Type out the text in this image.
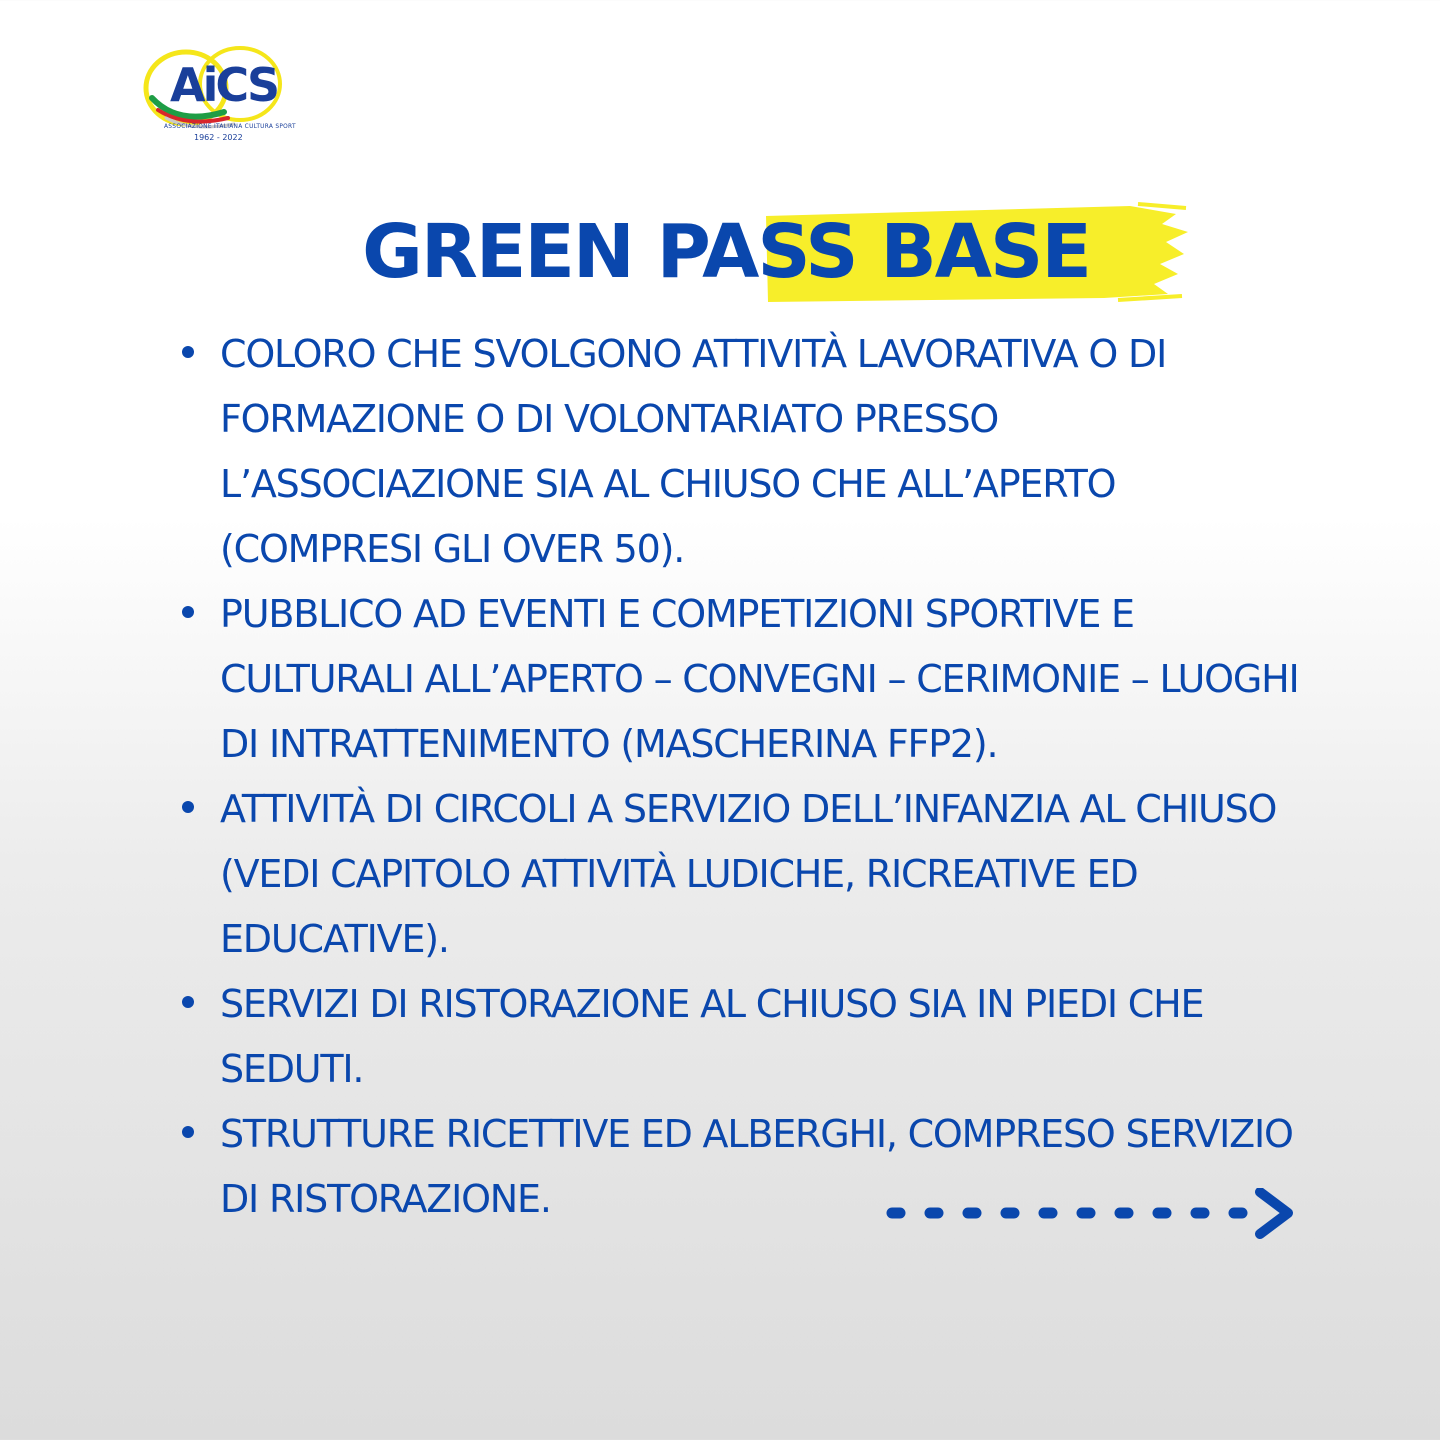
AiCS
ASSOCIAZIONE ITALIANA CULTURA SPORT
1962 - 2022
GREEN PASS BASE
COLORO CHE SVOLGONO ATTIVITÀ LAVORATIVA O DI FORMAZIONE O DI VOLONTARIATO PRESSO L’ASSOCIAZIONE SIA AL CHIUSO CHE ALL’APERTO (COMPRESI GLI OVER 50).
PUBBLICO AD EVENTI E COMPETIZIONI SPORTIVE E CULTURALI ALL’APERTO – CONVEGNI – CERIMONIE – LUOGHI DI INTRATTENIMENTO (MASCHERINA FFP2).
ATTIVITÀ DI CIRCOLI A SERVIZIO DELL’INFANZIA AL CHIUSO (VEDI CAPITOLO ATTIVITÀ LUDICHE, RICREATIVE ED EDUCATIVE).
SERVIZI DI RISTORAZIONE AL CHIUSO SIA IN PIEDI CHE SEDUTI.
STRUTTURE RICETTIVE ED ALBERGHI, COMPRESO SERVIZIO DI RISTORAZIONE.
